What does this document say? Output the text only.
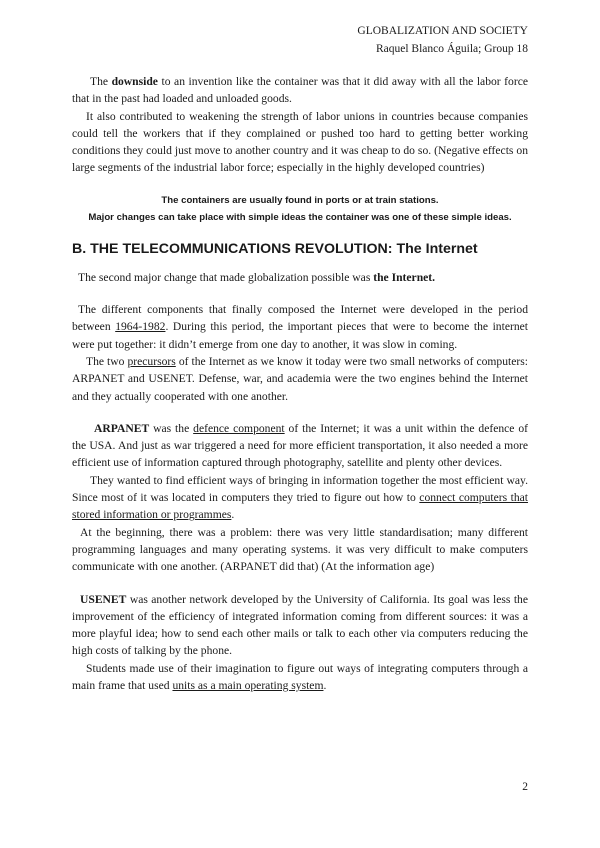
GLOBALIZATION AND SOCIETY
Raquel Blanco Águila; Group 18

The downside to an invention like the container was that it did away with all the labor force that in the past had loaded and unloaded goods.

It also contributed to weakening the strength of labor unions in countries because companies could tell the workers that if they complained or pushed too hard to getting better working conditions they could just move to another country and it was cheap to do so. (Negative effects on large segments of the industrial labor force; especially in the highly developed countries)

The containers are usually found in ports or at train stations.
Major changes can take place with simple ideas the container was one of these simple ideas.
B. THE TELECOMMUNICATIONS REVOLUTION: The Internet

The second major change that made globalization possible was the Internet.

The different components that finally composed the Internet were developed in the period between 1964-1982. During this period, the important pieces that were to become the internet were put together: it didn’t emerge from one day to another, it was slow in coming.

The two precursors of the Internet as we know it today were two small networks of computers: ARPANET and USENET. Defense, war, and academia were the two engines behind the Internet and they actually cooperated with one another.

ARPANET was the defence component of the Internet; it was a unit within the defence of the USA. And just as war triggered a need for more efficient transportation, it also needed a more efficient use of information captured through photography, satellite and plenty other devices.

They wanted to find efficient ways of bringing in information together the most efficient way. Since most of it was located in computers they tried to figure out how to connect computers that stored information or programmes.

At the beginning, there was a problem: there was very little standardisation; many different programming languages and many operating systems. it was very difficult to make computers communicate with one another. (ARPANET did that) (At the information age)

USENET was another network developed by the University of California. Its goal was less the improvement of the efficiency of integrated information coming from different sources: it was a more playful idea; how to send each other mails or talk to each other via computers reducing the high costs of talking by the phone.

Students made use of their imagination to figure out ways of integrating computers through a main frame that used units as a main operating system.

2
